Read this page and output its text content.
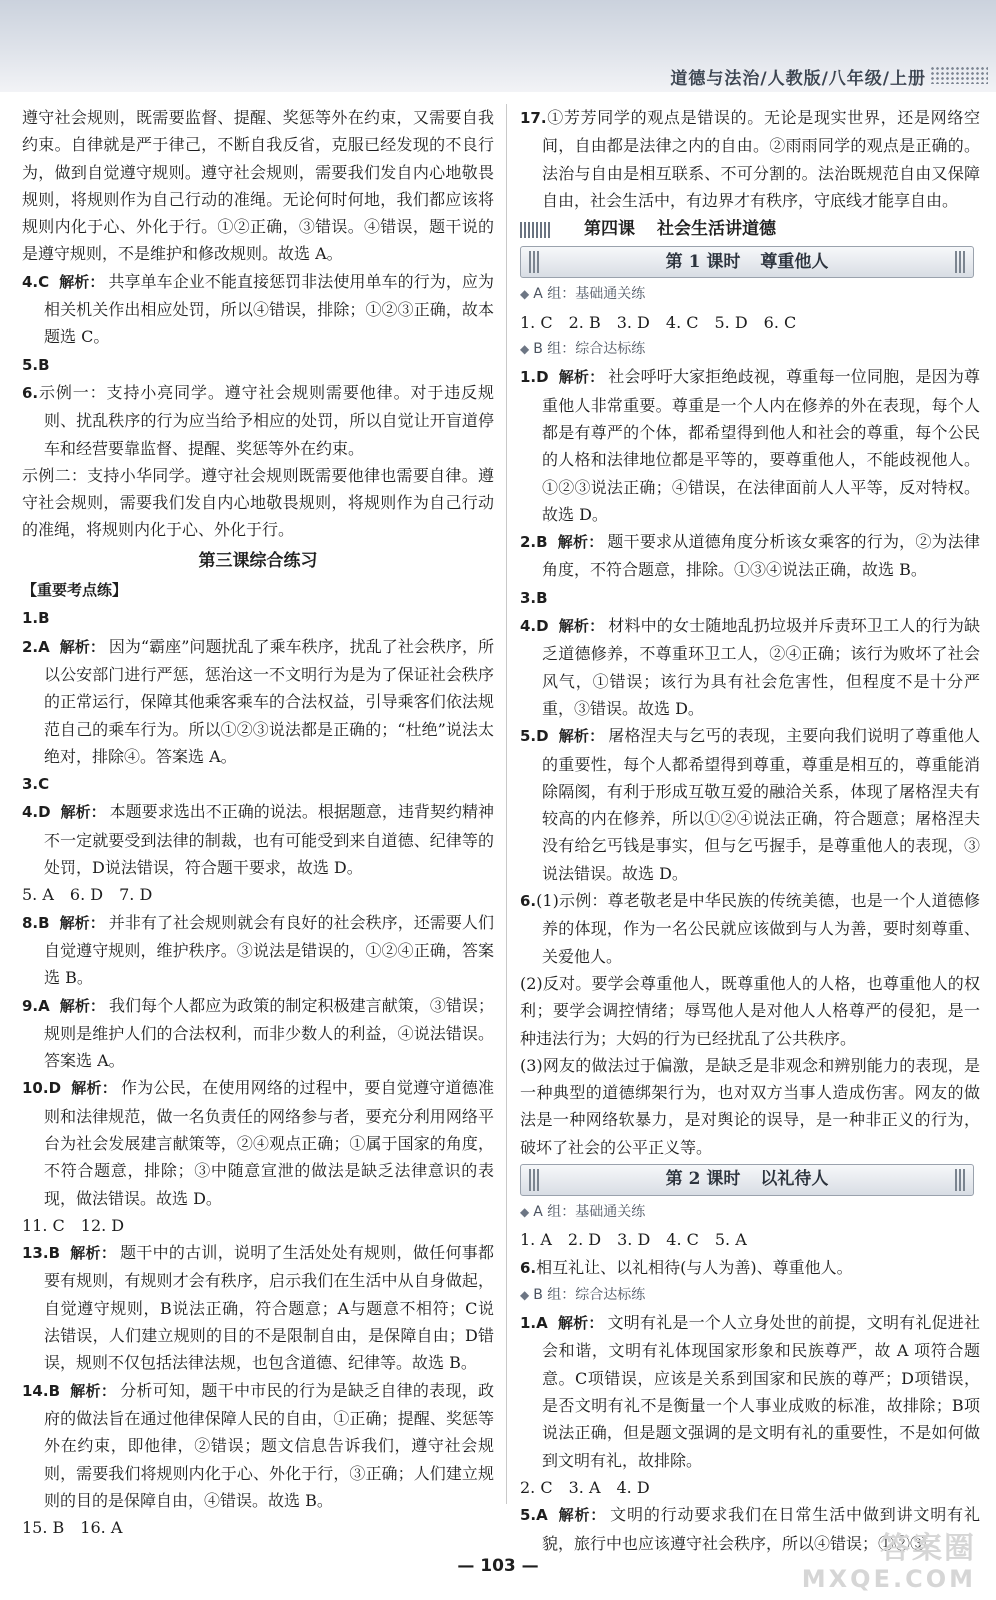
道德与法治/人教版/八年级/上册

遵守社会规则，既需要监督、提醒、奖惩等外在约束，又需要自我约束。自律就是严于律己，不断自我反省，克服已经发现的不良行为，做到自觉遵守规则。遵守社会规则，需要我们发自内心地敬畏规则，将规则作为自己行动的准绳。无论何时何地，我们都应该将规则内化于心、外化于行。①②正确，③错误。④错误，题干说的是遵守规则，不是维护和修改规则。故选 A。

4.C 解析： 共享单车企业不能直接惩罚非法使用单车的行为，应为相关机关作出相应处罚，所以④错误，排除；①②③正确，故本题选 C。

5.B

6.示例一：支持小亮同学。遵守社会规则需要他律。对于违反规则、扰乱秩序的行为应当给予相应的处罚，所以自觉让开盲道停车和经营要靠监督、提醒、奖惩等外在约束。

示例二：支持小华同学。遵守社会规则既需要他律也需要自律。遵守社会规则，需要我们发自内心地敬畏规则，将规则作为自己行动的准绳，将规则内化于心、外化于行。

第三课综合练习

【重要考点练】

1.B

2.A 解析： 因为“霸座”问题扰乱了乘车秩序，扰乱了社会秩序，所以公安部门进行严惩，惩治这一不文明行为是为了保证社会秩序的正常运行，保障其他乘客乘车的合法权益，引导乘客们依法规范自己的乘车行为。所以①②③说法都是正确的；“杜绝”说法太绝对，排除④。答案选 A。

3.C

4.D 解析： 本题要求选出不正确的说法。根据题意，违背契约精神不一定就要受到法律的制裁，也有可能受到来自道德、纪律等的处罚，D说法错误，符合题干要求，故选 D。

5. A　6. D　7. D

8.B 解析： 并非有了社会规则就会有良好的社会秩序，还需要人们自觉遵守规则，维护秩序。③说法是错误的，①②④正确，答案选 B。

9.A 解析： 我们每个人都应为政策的制定积极建言献策，③错误；规则是维护人们的合法权利，而非少数人的利益，④说法错误。答案选 A。

10.D 解析： 作为公民，在使用网络的过程中，要自觉遵守道德准则和法律规范，做一名负责任的网络参与者，要充分利用网络平台为社会发展建言献策等，②④观点正确；①属于国家的角度，不符合题意，排除；③中随意宣泄的做法是缺乏法律意识的表现，做法错误。故选 D。

11. C　12. D

13.B 解析： 题干中的古训，说明了生活处处有规则，做任何事都要有规则，有规则才会有秩序，启示我们在生活中从自身做起，自觉遵守规则，B说法正确，符合题意；A与题意不相符；C说法错误，人们建立规则的目的不是限制自由，是保障自由；D错误，规则不仅包括法律法规，也包含道德、纪律等。故选 B。

14.B 解析： 分析可知，题干中市民的行为是缺乏自律的表现，政府的做法旨在通过他律保障人民的自由，①正确；提醒、奖惩等外在约束，即他律，②错误；题文信息告诉我们，遵守社会规则，需要我们将规则内化于心、外化于行，③正确；人们建立规则的目的是保障自由，④错误。故选 B。

15. B　16. A

17.①芳芳同学的观点是错误的。无论是现实世界，还是网络空间，自由都是法律之内的自由。②雨雨同学的观点是正确的。法治与自由是相互联系、不可分割的。法治既规范自由又保障自由，社会生活中，有边界才有秩序，守底线才能享自由。

第四课 社会生活讲道德
第 1 课时 尊重他人

◆ A 组：基础通关练

1. C　2. B　3. D　4. C　5. D　6. C

◆ B 组：综合达标练

1.D 解析： 社会呼吁大家拒绝歧视，尊重每一位同胞，是因为尊重他人非常重要。尊重是一个人内在修养的外在表现，每个人都是有尊严的个体，都希望得到他人和社会的尊重，每个公民的人格和法律地位都是平等的，要尊重他人，不能歧视他人。①②③说法正确；④错误，在法律面前人人平等，反对特权。故选 D。

2.B 解析： 题干要求从道德角度分析该女乘客的行为，②为法律角度，不符合题意，排除。①③④说法正确，故选 B。

3.B

4.D 解析： 材料中的女士随地乱扔垃圾并斥责环卫工人的行为缺乏道德修养，不尊重环卫工人，②④正确；该行为败坏了社会风气，①错误；该行为具有社会危害性，但程度不是十分严重，③错误。故选 D。

5.D 解析： 屠格涅夫与乞丐的表现，主要向我们说明了尊重他人的重要性，每个人都希望得到尊重，尊重是相互的，尊重能消除隔阂，有利于形成互敬互爱的融洽关系，体现了屠格涅夫有较高的内在修养，所以①②④说法正确，符合题意；屠格涅夫没有给乞丐钱是事实，但与乞丐握手，是尊重他人的表现，③说法错误。故选 D。

6.(1)示例：尊老敬老是中华民族的传统美德，也是一个人道德修养的体现，作为一名公民就应该做到与人为善，要时刻尊重、关爱他人。

(2)反对。要学会尊重他人，既尊重他人的人格，也尊重他人的权利；要学会调控情绪；辱骂他人是对他人人格尊严的侵犯，是一种违法行为；大妈的行为已经扰乱了公共秩序。

(3)网友的做法过于偏激，是缺乏是非观念和辨别能力的表现，是一种典型的道德绑架行为，也对双方当事人造成伤害。网友的做法是一种网络软暴力，是对舆论的误导，是一种非正义的行为，破坏了社会的公平正义等。

第 2 课时 以礼待人

◆ A 组：基础通关练

1. A　2. D　3. D　4. C　5. A

6.相互礼让、以礼相待(与人为善)、尊重他人。

◆ B 组：综合达标练

1.A 解析： 文明有礼是一个人立身处世的前提，文明有礼促进社会和谐，文明有礼体现国家形象和民族尊严，故 A 项符合题意。C项错误，应该是关系到国家和民族的尊严；D项错误，是否文明有礼不是衡量一个人事业成败的标准，故排除；B项说法正确，但是题文强调的是文明有礼的重要性，不是如何做到文明有礼，故排除。

2. C　3. A　4. D

5.A 解析： 文明的行动要求我们在日常生活中做到讲文明有礼貌，旅行中也应该遵守社会秩序，所以④错误；①②③

— 103 —	答案圈
MXQE.COM
